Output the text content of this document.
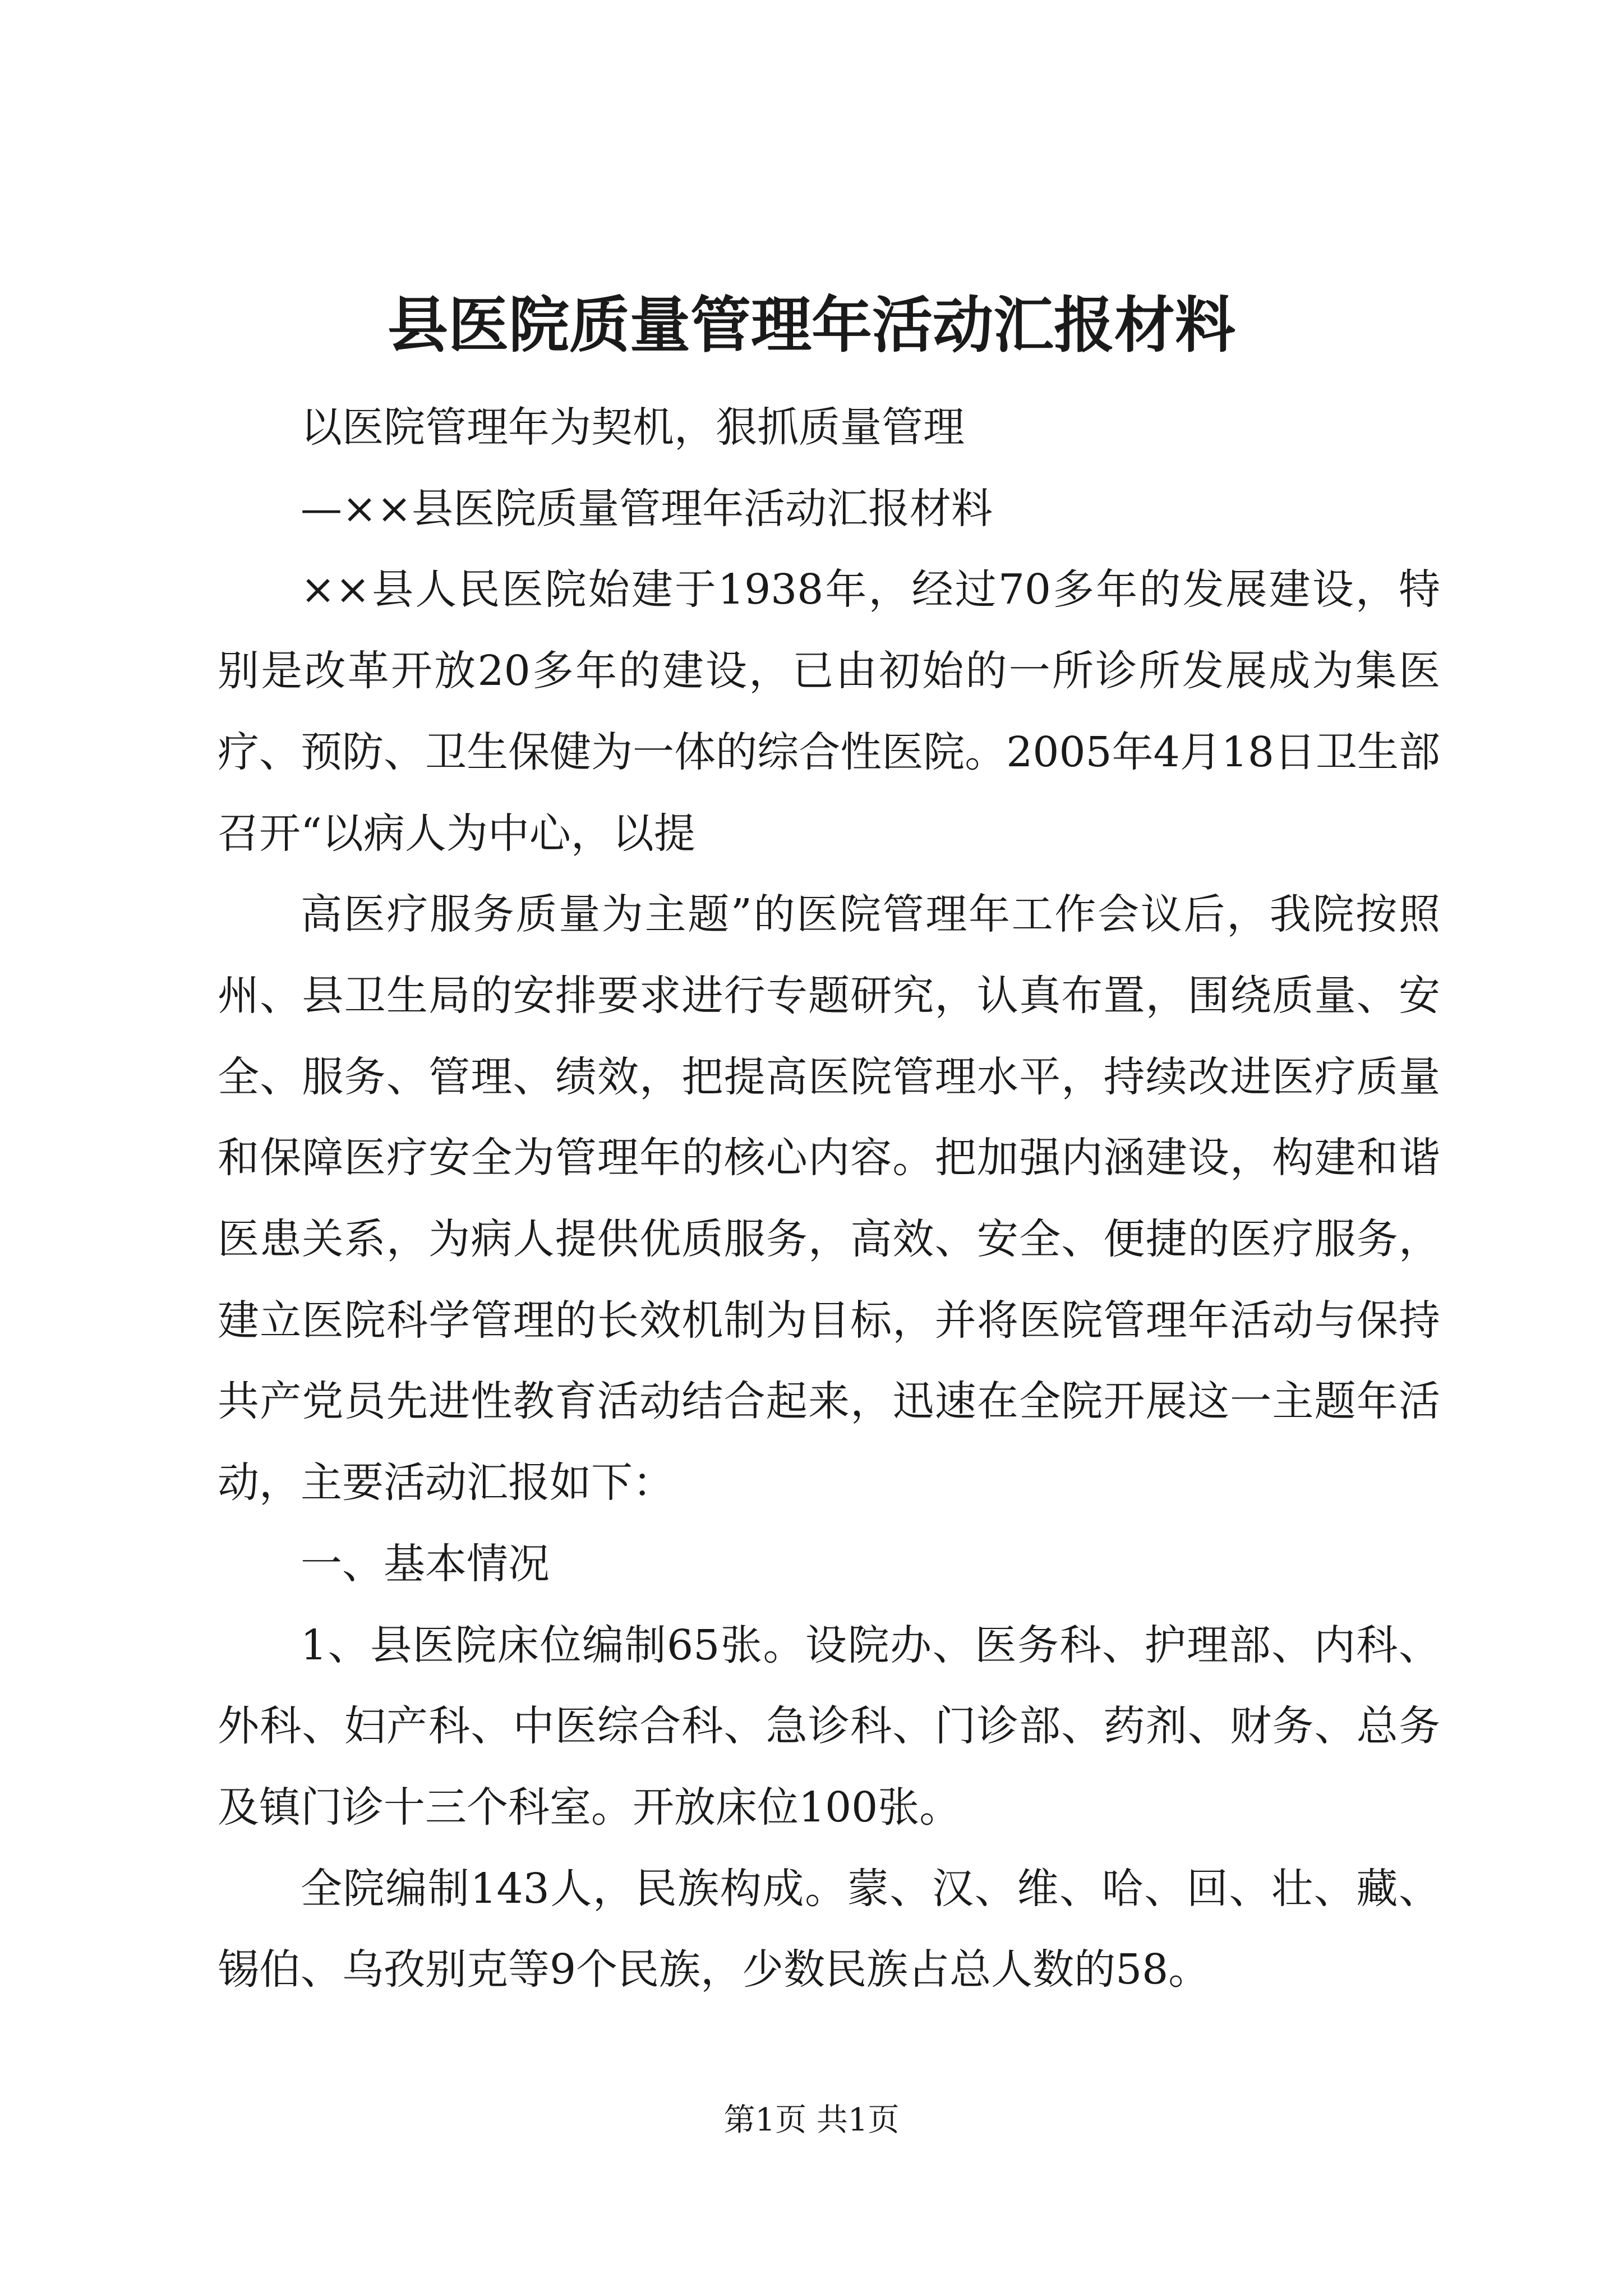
县医院质量管理年活动汇报材料

以医院管理年为契机，狠抓质量管理

—××县医院质量管理年活动汇报材料

××县人民医院始建于1938年，经过70多年的发展建设，特别是改革开放20多年的建设，已由初始的一所诊所发展成为集医疗、预防、卫生保健为一体的综合性医院。2005年4月18日卫生部召开“以病人为中心，以提

高医疗服务质量为主题”的医院管理年工作会议后，我院按照州、县卫生局的安排要求进行专题研究，认真布置，围绕质量、安全、服务、管理、绩效，把提高医院管理水平，持续改进医疗质量和保障医疗安全为管理年的核心内容。把加强内涵建设，构建和谐医患关系，为病人提供优质服务，高效、安全、便捷的医疗服务，建立医院科学管理的长效机制为目标，并将医院管理年活动与保持共产党员先进性教育活动结合起来，迅速在全院开展这一主题年活动，主要活动汇报如下：

一、基本情况

1、县医院床位编制65张。设院办、医务科、护理部、内科、外科、妇产科、中医综合科、急诊科、门诊部、药剂、财务、总务及镇门诊十三个科室。开放床位100张。

全院编制143人，民族构成。蒙、汉、维、哈、回、壮、藏、锡伯、乌孜别克等9个民族，少数民族占总人数的58。

第1页 共1页
